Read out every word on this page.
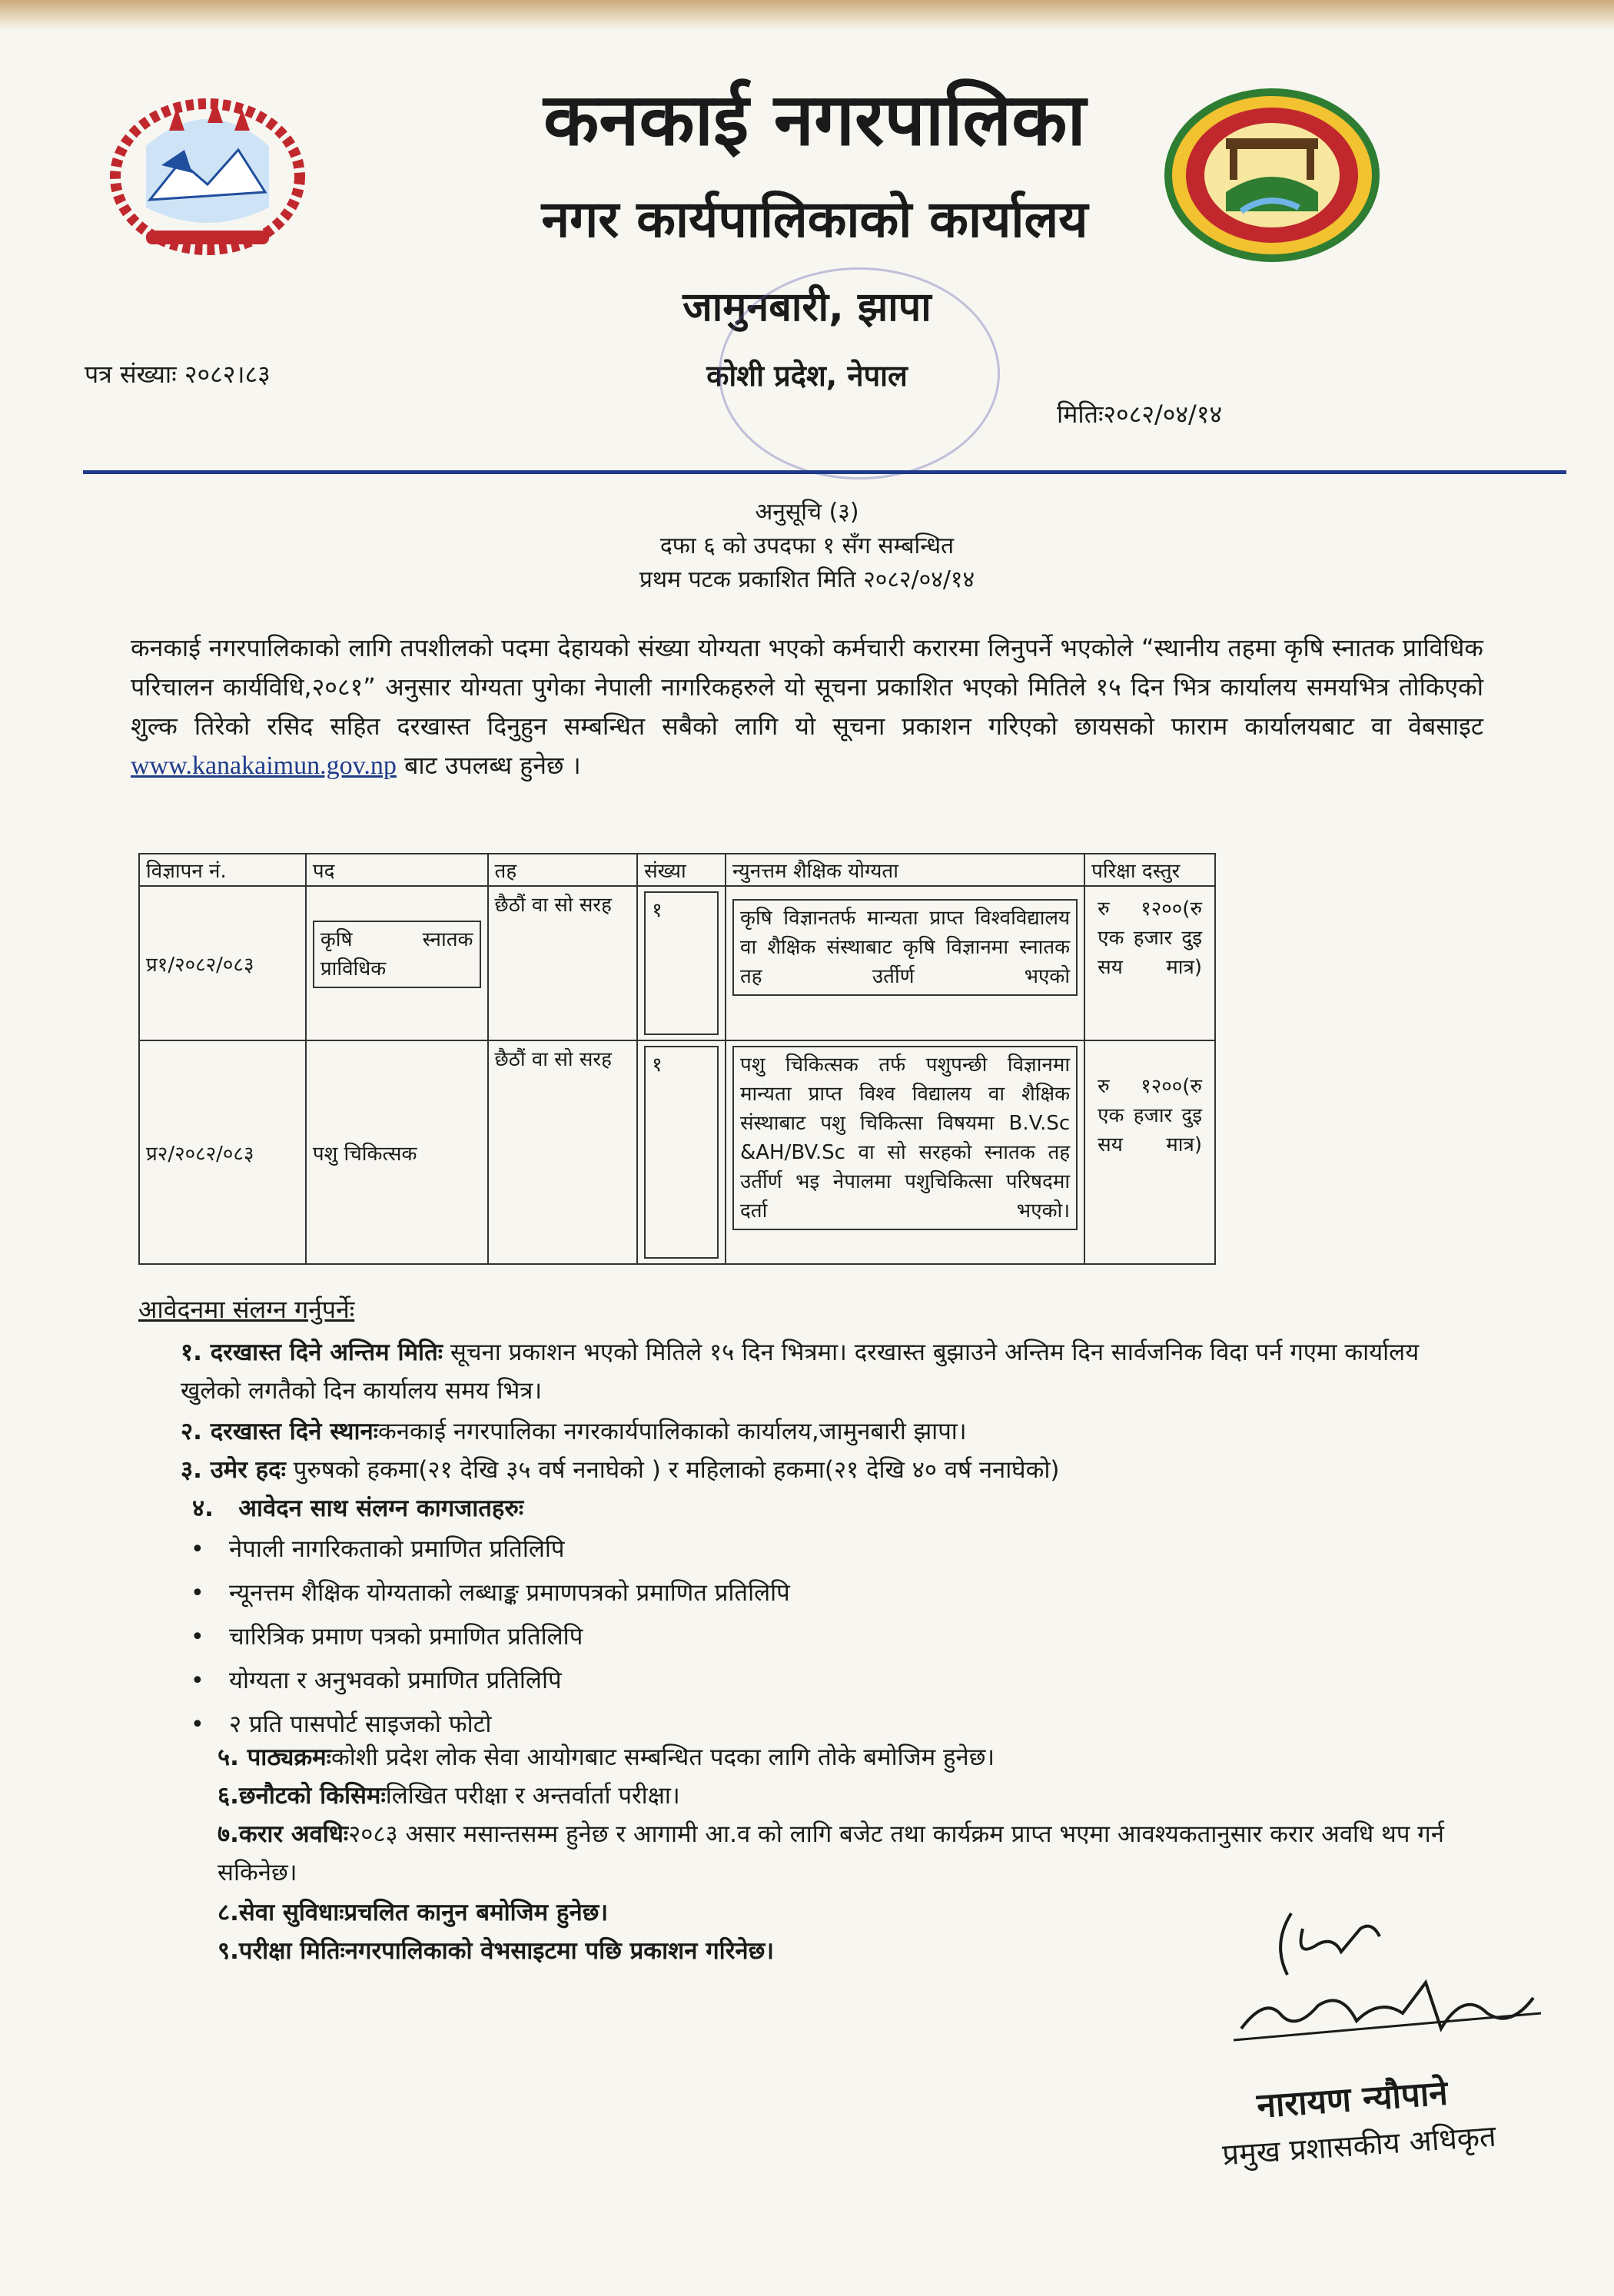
कनकाई नगरपालिका
नगर कार्यपालिकाको कार्यालय
जामुनबारी, झापा
कोशी प्रदेश, नेपाल
पत्र संख्याः २०८२।८३
मितिः२०८२/०४/१४
अनुसूचि (३)
दफा ६ को उपदफा १ सँग सम्बन्धित
प्रथम पटक प्रकाशित मिति २०८२/०४/१४
कनकाई नगरपालिकाको लागि तपशीलको पदमा देहायको संख्या योग्यता भएको कर्मचारी करारमा लिनुपर्ने भएकोले “स्थानीय तहमा कृषि स्नातक प्राविधिक परिचालन कार्यविधि,२०८१” अनुसार योग्यता पुगेका नेपाली नागरिकहरुले यो सूचना प्रकाशित भएको मितिले १५ दिन भित्र कार्यालय समयभित्र तोकिएको शुल्क तिरेको रसिद सहित दरखास्त दिनुहुन सम्बन्धित सबैको लागि यो सूचना प्रकाशन गरिएको छायसको फाराम कार्यालयबाट वा वेबसाइट www.kanakaimun.gov.np बाट उपलब्ध हुनेछ ।
विज्ञापन नं.	पद	तह	संख्या	न्युनत्तम शैक्षिक योग्यता	परिक्षा दस्तुर
प्र१/२०८२/०८३	कृषि स्नातक प्राविधिक	छैठौं वा सो सरह	१	कृषि विज्ञानतर्फ मान्यता प्राप्त विश्वविद्यालय वा शैक्षिक संस्थाबाट कृषि विज्ञानमा स्नातक तह उर्तीर्ण भएको	रु १२००(रु एक हजार दुइ सय मात्र)

प्र२/२०८२/०८३	पशु चिकित्सक	छैठौं वा सो सरह	१	पशु चिकित्सक तर्फ पशुपन्छी विज्ञानमा मान्यता प्राप्त विश्व विद्यालय वा शैक्षिक संस्थाबाट पशु चिकित्सा विषयमा B.V.Sc &AH/BV.Sc वा सो सरहको स्नातक तह उर्तीर्ण भइ नेपालमा पशुचिकित्सा परिषदमा दर्ता भएको।	रु १२००(रु एक हजार दुइ सय मात्र)
आवेदनमा संलग्न गर्नुपर्नेः
१. दरखास्त दिने अन्तिम मितिः सूचना प्रकाशन भएको मितिले १५ दिन भित्रमा। दरखास्त बुझाउने अन्तिम दिन सार्वजनिक विदा पर्न गएमा कार्यालय खुलेको लगतैको दिन कार्यालय समय भित्र।
२. दरखास्त दिने स्थानःकनकाई नगरपालिका नगरकार्यपालिकाको कार्यालय,जामुनबारी झापा।
३. उमेर हदः पुरुषको हकमा(२१ देखि ३५ वर्ष ननाघेको ) र महिलाको हकमा(२१ देखि ४० वर्ष ननाघेको)
४.   आवेदन साथ संलग्न कागजातहरुः
• नेपाली नागरिकताको प्रमाणित प्रतिलिपि
• न्यूनत्तम शैक्षिक योग्यताको लब्धाङ्क प्रमाणपत्रको प्रमाणित प्रतिलिपि
• चारित्रिक प्रमाण पत्रको प्रमाणित प्रतिलिपि
• योग्यता र अनुभवको प्रमाणित प्रतिलिपि
• २ प्रति पासपोर्ट साइजको फोटो
५. पाठ्यक्रमःकोशी प्रदेश लोक सेवा आयोगबाट सम्बन्धित पदका लागि तोके बमोजिम हुनेछ।
६.छनौटको किसिमःलिखित परीक्षा र अन्तर्वार्ता परीक्षा।
७.करार अवधिः२०८३ असार मसान्तसम्म हुनेछ र आगामी आ.व को लागि बजेट तथा कार्यक्रम प्राप्त भएमा आवश्यकतानुसार करार अवधि थप गर्न सकिनेछ।
८.सेवा सुविधाःप्रचलित कानुन बमोजिम हुनेछ।
९.परीक्षा मितिःनगरपालिकाको वेभसाइटमा पछि प्रकाशन गरिनेछ।
नारायण न्यौपाने
प्रमुख प्रशासकीय अधिकृत
